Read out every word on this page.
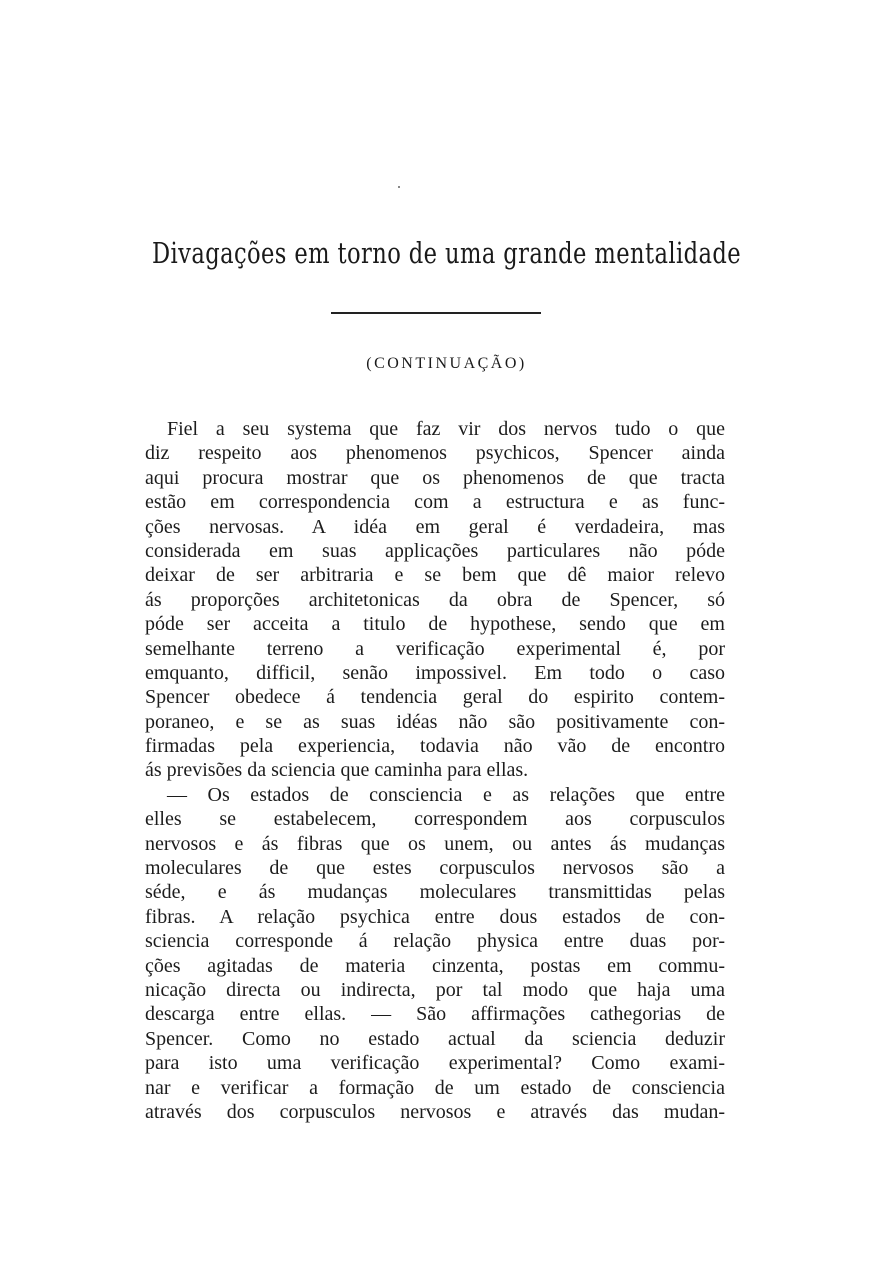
Divagações em torno de uma grande mentalidade
(CONTINUAÇÃO)
Fiel a seu systema que faz vir dos nervos tudo o que
diz respeito aos phenomenos psychicos, Spencer ainda
aqui procura mostrar que os phenomenos de que tracta
estão em correspondencia com a estructura e as func-
ções nervosas. A idéa em geral é verdadeira, mas
considerada em suas applicações particulares não póde
deixar de ser arbitraria e se bem que dê maior relevo
ás proporções architetonicas da obra de Spencer, só
póde ser acceita a titulo de hypothese, sendo que em
semelhante terreno a verificação experimental é, por
emquanto, difficil, senão impossivel. Em todo o caso
Spencer obedece á tendencia geral do espirito contem-
poraneo, e se as suas idéas não são positivamente con-
firmadas pela experiencia, todavia não vão de encontro
ás previsões da sciencia que caminha para ellas.
— Os estados de consciencia e as relações que entre
elles se estabelecem, correspondem aos corpusculos
nervosos e ás fibras que os unem, ou antes ás mudanças
moleculares de que estes corpusculos nervosos são a
séde, e ás mudanças moleculares transmittidas pelas
fibras. A relação psychica entre dous estados de con-
sciencia corresponde á relação physica entre duas por-
ções agitadas de materia cinzenta, postas em commu-
nicação directa ou indirecta, por tal modo que haja uma
descarga entre ellas. — São affirmações cathegorias de
Spencer. Como no estado actual da sciencia deduzir
para isto uma verificação experimental? Como exami-
nar e verificar a formação de um estado de consciencia
através dos corpusculos nervosos e através das mudan-
